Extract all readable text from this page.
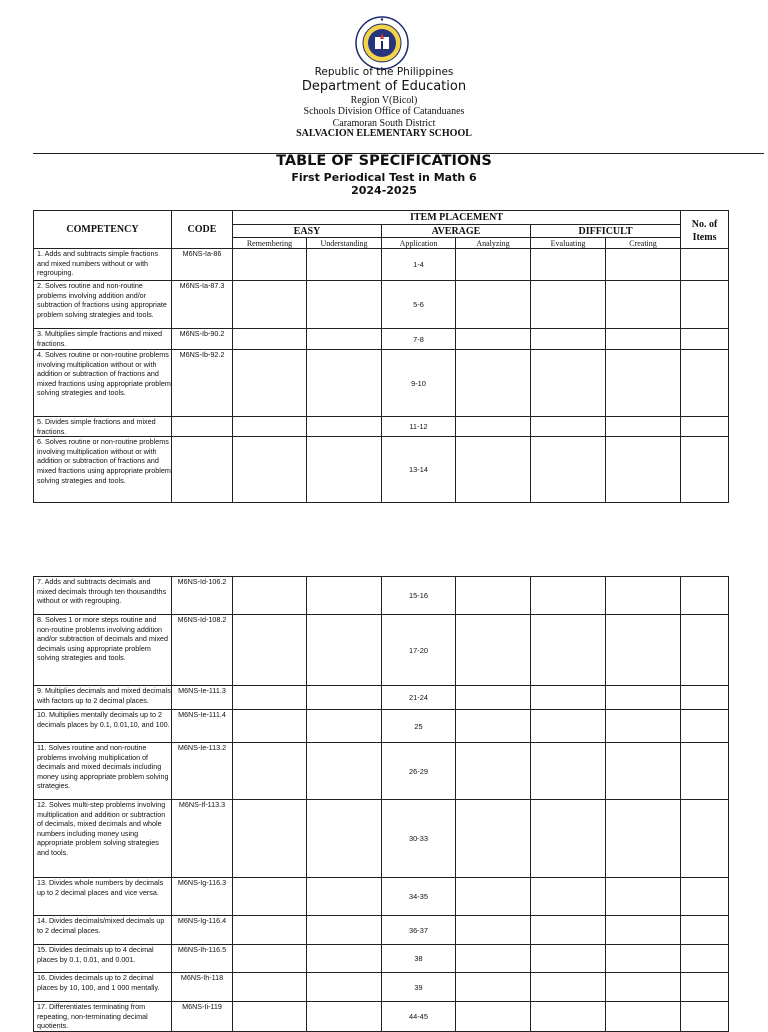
Republic of the Philippines
Department of Education
Region V(Bicol)
Schools Division Office of Catanduanes
Caramoran South District
SALVACION ELEMENTARY SCHOOL
TABLE OF SPECIFICATIONS
First Periodical Test in Math 6
2024-2025
COMPETENCY	CODE	ITEM PLACEMENT						No. of Items
		EASY		AVERAGE		DIFFICULT		
		Remembering	Understanding	Application	Analyzing	Evaluating	Creating	
1. Adds and subtracts simple fractions and mixed numbers without or with regrouping.	M6NS-Ia-86			1-4				
2. Solves routine and non-routine problems involving addition and/or subtraction of fractions using appropriate problem solving strategies and tools.	M6NS-Ia-87.3			5-6				
3. Multiplies simple fractions and mixed fractions.	M6NS-Ib-90.2			7-8				
4. Solves routine or non-routine problems involving multiplication without or with addition or subtraction of fractions and mixed fractions using appropriate problem solving strategies and tools.	M6NS-Ib-92.2			9-10				
5. Divides simple fractions and mixed fractions.				11-12				
6. Solves routine or non-routine problems involving multiplication without or with addition or subtraction of fractions and mixed fractions using appropriate problem solving strategies and tools.				13-14				
7. Adds and subtracts decimals and mixed decimals through ten thousandths without or with regrouping.	M6NS-Id-106.2			15-16				
8. Solves 1 or more steps routine and non-routine problems involving addition and/or subtraction of decimals and mixed decimals using appropriate problem solving strategies and tools.	M6NS-Id-108.2			17-20				
9. Multiplies decimals and mixed decimals with factors up to 2 decimal places.	M6NS-Ie-111.3			21-24				
10. Multiplies mentally decimals up to 2 decimals places by 0.1, 0.01,10, and 100.	M6NS-Ie-111.4			25				
11. Solves routine and non-routine problems involving multiplication of decimals and mixed decimals including money using appropriate problem solving strategies.	M6NS-Ie-113.2			26-29				
12. Solves multi-step problems involving multiplication and addition or subtraction of decimals, mixed decimals and whole numbers including money using appropriate problem solving strategies and tools.	M6NS-If-113.3			30-33				
13. Divides whole numbers by decimals up to 2 decimal places and vice versa.	M6NS-Ig-116.3			34-35				
14. Divides decimals/mixed decimals up to 2 decimal places.	M6NS-Ig-116.4			36-37				
15. Divides decimals up to 4 decimal places by 0.1, 0.01, and 0.001.	M6NS-Ih-116.5			38				
16. Divides decimals up to 2 decimal places by 10, 100, and 1 000 mentally.	M6NS-Ih-118			39				
17. Differentiates terminating from repeating, non-terminating decimal quotients.	M6NS-Ii-119			44-45				
